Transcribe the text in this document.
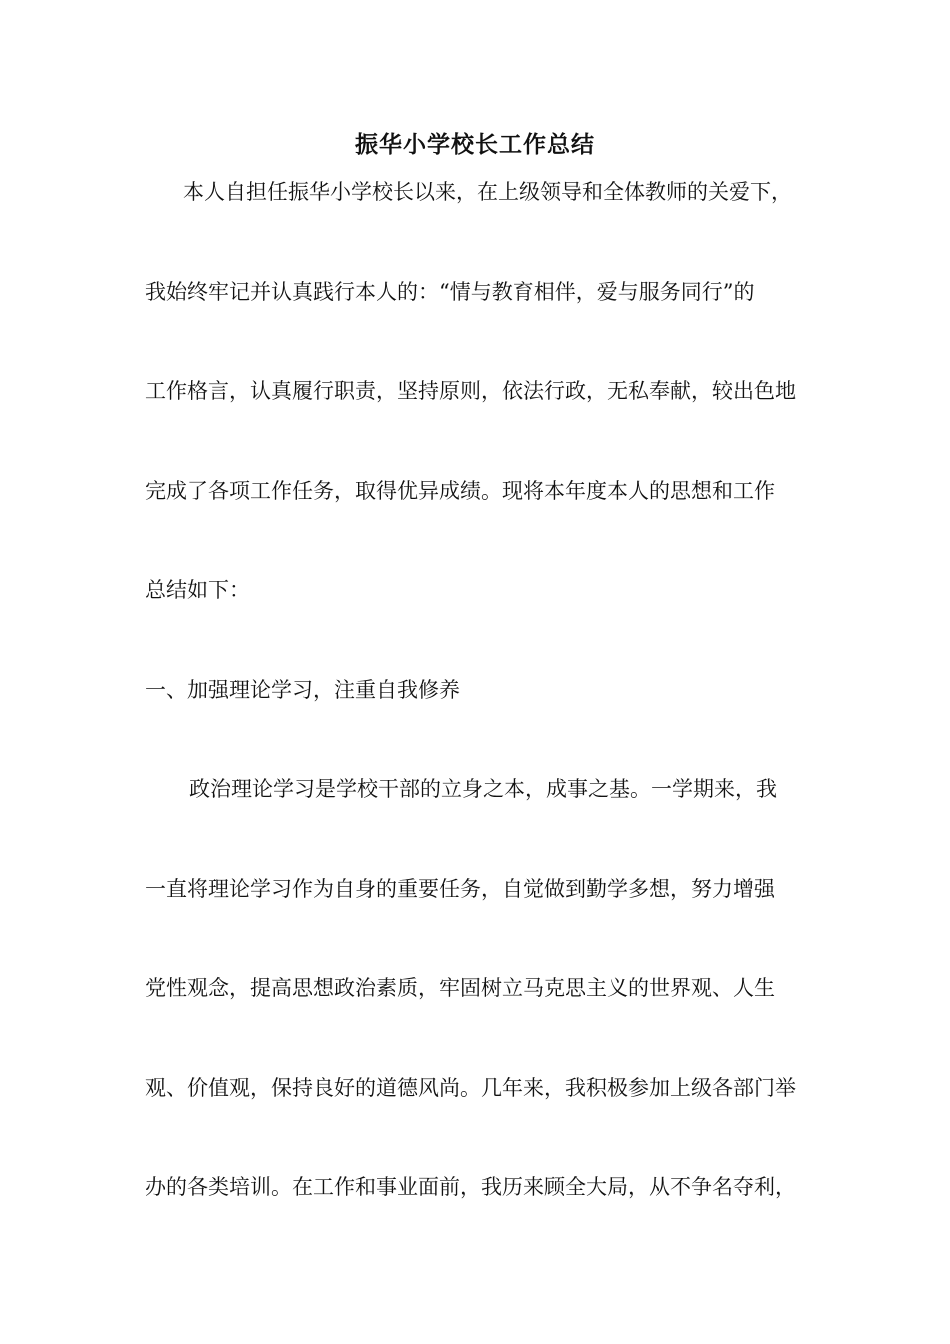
振华小学校长工作总结

本人自担任振华小学校长以来，在上级领导和全体教师的关爱下，

我始终牢记并认真践行本人的：“情与教育相伴，爱与服务同行”的

工作格言，认真履行职责，坚持原则，依法行政，无私奉献，较出色地

完成了各项工作任务，取得优异成绩。现将本年度本人的思想和工作

总结如下：

一、加强理论学习，注重自我修养

政治理论学习是学校干部的立身之本，成事之基。一学期来，我

一直将理论学习作为自身的重要任务，自觉做到勤学多想，努力增强

党性观念，提高思想政治素质，牢固树立马克思主义的世界观、人生

观、价值观，保持良好的道德风尚。几年来，我积极参加上级各部门举

办的各类培训。在工作和事业面前，我历来顾全大局，从不争名夺利，
